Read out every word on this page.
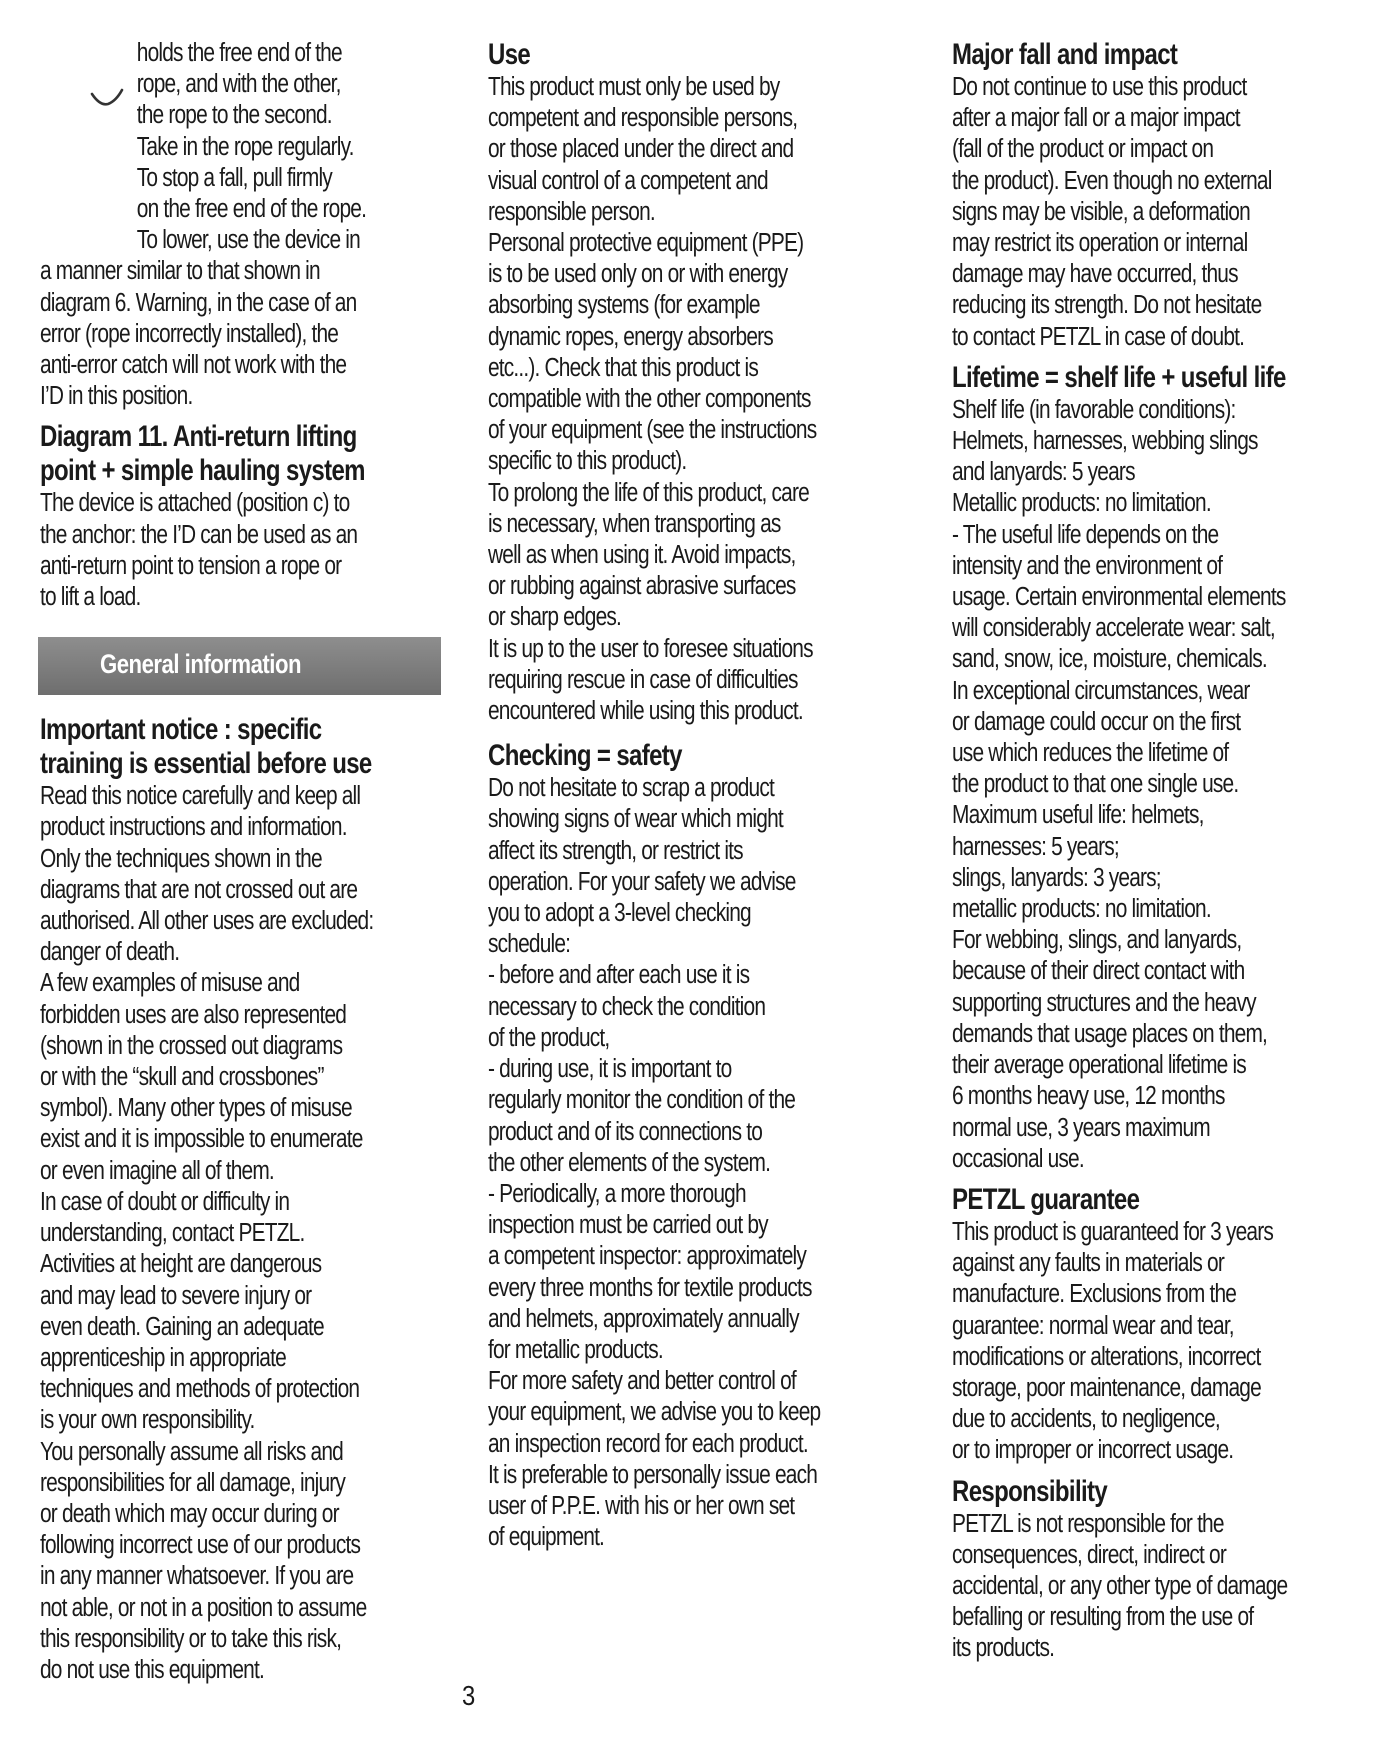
holds the free end of the
rope, and with the other,
the rope to the second.
Take in the rope regularly.
To stop a fall, pull firmly
on the free end of the rope.
To lower, use the device in

a manner similar to that shown in
diagram 6. Warning, in the case of an
error (rope incorrectly installed), the
anti-error catch will not work with the
I’D in this position.

Diagram 11. Anti-return lifting
point + simple hauling system

The device is attached (position c) to
the anchor: the I’D can be used as an
anti-return point to tension a rope or
to lift a load.

General information

Important notice : specific
training is essential before use

Read this notice carefully and keep all
product instructions and information.
Only the techniques shown in the
diagrams that are not crossed out are
authorised. All other uses are excluded:
danger of death.
A few examples of misuse and
forbidden uses are also represented
(shown in the crossed out diagrams
or with the “skull and crossbones”
symbol). Many other types of misuse
exist and it is impossible to enumerate
or even imagine all of them.
In case of doubt or difficulty in
understanding, contact PETZL.
Activities at height are dangerous
and may lead to severe injury or
even death. Gaining an adequate
apprenticeship in appropriate
techniques and methods of protection
is your own responsibility.
You personally assume all risks and
responsibilities for all damage, injury
or death which may occur during or
following incorrect use of our products
in any manner whatsoever. If you are
not able, or not in a position to assume
this responsibility or to take this risk,
do not use this equipment.

Use

This product must only be used by
competent and responsible persons,
or those placed under the direct and
visual control of a competent and
responsible person.
Personal protective equipment (PPE)
is to be used only on or with energy
absorbing systems (for example
dynamic ropes, energy absorbers
etc...). Check that this product is
compatible with the other components
of your equipment (see the instructions
specific to this product).
To prolong the life of this product, care
is necessary, when transporting as
well as when using it. Avoid impacts,
or rubbing against abrasive surfaces
or sharp edges.
It is up to the user to foresee situations
requiring rescue in case of difficulties
encountered while using this product.

Checking = safety

Do not hesitate to scrap a product
showing signs of wear which might
affect its strength, or restrict its
operation. For your safety we advise
you to adopt a 3-level checking
schedule:
- before and after each use it is
necessary to check the condition
of the product,
- during use, it is important to
regularly monitor the condition of the
product and of its connections to
the other elements of the system.
- Periodically, a more thorough
inspection must be carried out by
a competent inspector: approximately
every three months for textile products
and helmets, approximately annually
for metallic products.
For more safety and better control of
your equipment, we advise you to keep
an inspection record for each product.
It is preferable to personally issue each
user of P.P.E. with his or her own set
of equipment.

Major fall and impact

Do not continue to use this product
after a major fall or a major impact
(fall of the product or impact on
the product). Even though no external
signs may be visible, a deformation
may restrict its operation or internal
damage may have occurred, thus
reducing its strength. Do not hesitate
to contact PETZL in case of doubt.

Lifetime = shelf life + useful life

Shelf life (in favorable conditions):
Helmets, harnesses, webbing slings
and lanyards: 5 years
Metallic products: no limitation.
- The useful life depends on the
intensity and the environment of
usage. Certain environmental elements
will considerably accelerate wear: salt,
sand, snow, ice, moisture, chemicals.
In exceptional circumstances, wear
or damage could occur on the first
use which reduces the lifetime of
the product to that one single use.
Maximum useful life: helmets,
harnesses: 5 years;
slings, lanyards: 3 years;
metallic products: no limitation.
For webbing, slings, and lanyards,
because of their direct contact with
supporting structures and the heavy
demands that usage places on them,
their average operational lifetime is
6 months heavy use, 12 months
normal use, 3 years maximum
occasional use.

PETZL guarantee

This product is guaranteed for 3 years
against any faults in materials or
manufacture. Exclusions from the
guarantee: normal wear and tear,
modifications or alterations, incorrect
storage, poor maintenance, damage
due to accidents, to negligence,
or to improper or incorrect usage.

Responsibility

PETZL is not responsible for the
consequences, direct, indirect or
accidental, or any other type of damage
befalling or resulting from the use of
its products.

3
